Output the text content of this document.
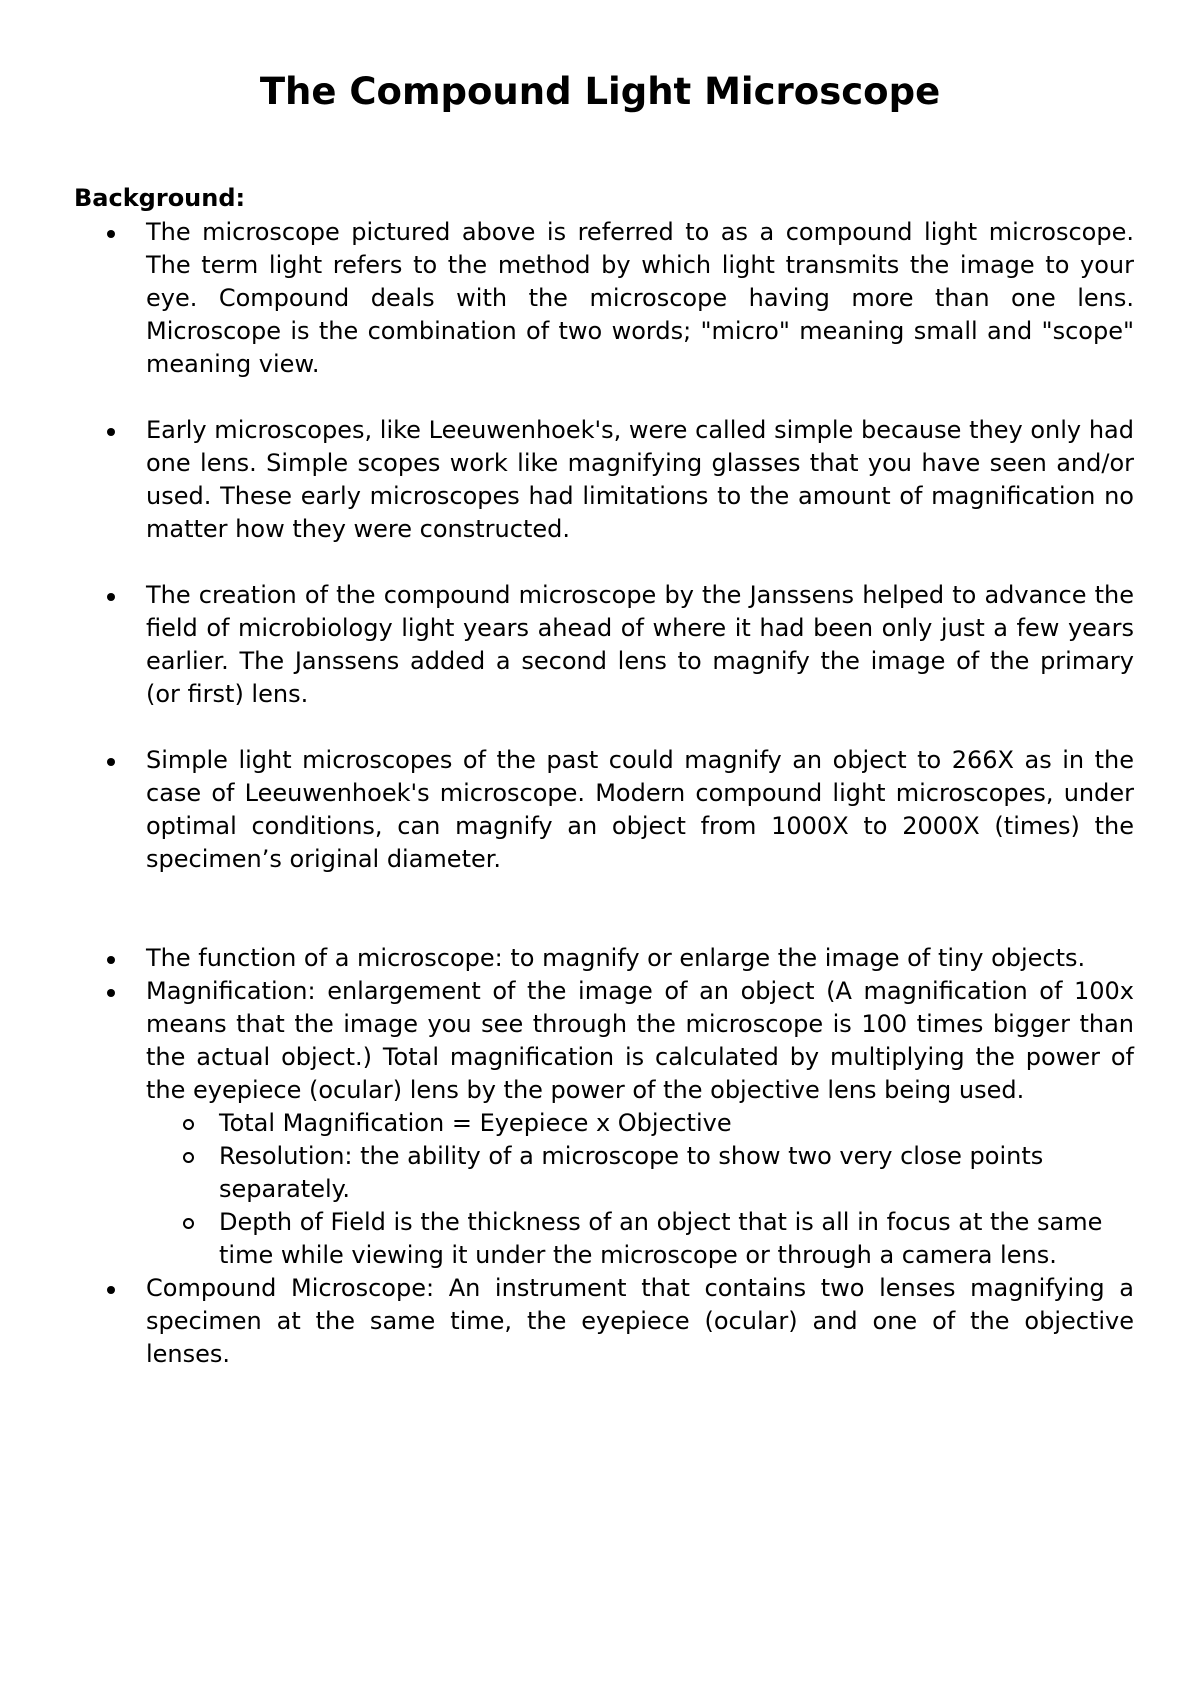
The Compound Light Microscope
Background:
The microscope pictured above is referred to as a compound light microscope. The term light refers to the method by which light transmits the image to your eye. Compound deals with the microscope having more than one lens. Microscope is the combination of two words; "micro" meaning small and "scope" meaning view.
Early microscopes, like Leeuwenhoek's, were called simple because they only had one lens. Simple scopes work like magnifying glasses that you have seen and/or used. These early microscopes had limitations to the amount of magnification no matter how they were constructed.
The creation of the compound microscope by the Janssens helped to advance the field of microbiology light years ahead of where it had been only just a few years earlier. The Janssens added a second lens to magnify the image of the primary (or first) lens.
Simple light microscopes of the past could magnify an object to 266X as in the case of Leeuwenhoek's microscope. Modern compound light microscopes, under optimal conditions, can magnify an object from 1000X to 2000X (times) the specimen’s original diameter.
The function of a microscope: to magnify or enlarge the image of tiny objects.
Magnification: enlargement of the image of an object (A magnification of 100x means that the image you see through the microscope is 100 times bigger than the actual object.) Total magnification is calculated by multiplying the power of the eyepiece (ocular) lens by the power of the objective lens being used.
Total Magnification = Eyepiece x Objective
Resolution: the ability of a microscope to show two very close points separately.
Depth of Field is the thickness of an object that is all in focus at the same time while viewing it under the microscope or through a camera lens.
Compound Microscope: An instrument that contains two lenses magnifying a specimen at the same time, the eyepiece (ocular) and one of the objective lenses.
